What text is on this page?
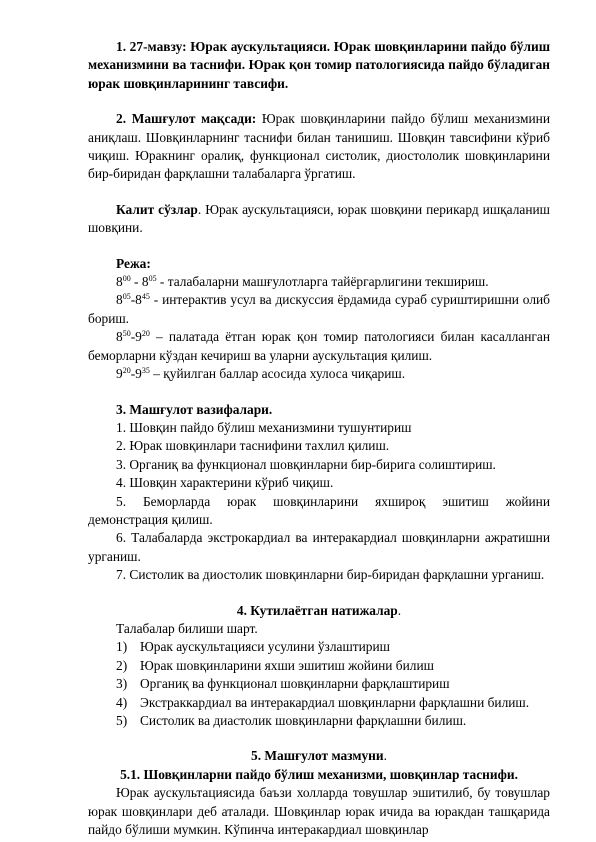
1. 27-мавзу: Юрак аускультацияси. Юрак шовқинларини пайдо бўлиш механизмини ва таснифи. Юрак қон томир патологиясида пайдо бўладиган юрак шовқинларининг тавсифи.

2. Машғулот мақсади: Юрак шовқинларини пайдо бўлиш механизмини аниқлаш. Шовқинларнинг таснифи билан танишиш. Шовқин тавсифини кўриб чиқиш. Юракнинг оралиқ, функционал систолик, диостололик шовқинларини бир-биридан фарқлашни талабаларга ўргатиш.

Калит сўзлар. Юрак аускультацияси, юрак шовқини перикард ишқаланиш шовқини.

Режа:

$8^{00} - 8^{05}$ - талабаларни машғулотларга тайёргарлигини текшириш.

$8^{05}-8^{45}$ - интерактив усул ва дискуссия ёрдамида сураб суриштиришни олиб бориш.

$8^{50}-9^{20}$ – палатада ётган юрак қон томир патологияси билан касалланган беморларни кўздан кечириш ва уларни аускультация қилиш.

$9^{20}-9^{35}$ – қуйилган баллар асосида хулоса чиқариш.

3. Машғулот вазифалари.

1. Шовқин пайдо бўлиш механизмини тушунтириш

2. Юрак шовқинлари таснифини тахлил қилиш.

3. Органиқ ва функционал шовқинларни бир-бирига солиштириш.

4. Шовқин характерини кўриб чиқиш.

5. Беморларда юрак шовқинларини яхшироқ эшитиш жойини демонстрация қилиш.

6. Талабаларда экстрокардиал ва интеракардиал шовқинларни ажратишни урганиш.

7. Систолик ва диостолик шовқинларни бир-биридан фарқлашни урганиш.

4. Кутилаётган натижалар.

Талабалар билиши шарт.

1) Юрак аускультацияси усулини ўзлаштириш
2) Юрак шовқинларини яхши эшитиш жойини билиш
3) Органиқ ва функционал шовқинларни фарқлаштириш
4) Экстраккардиал ва интеракардиал шовқинларни фарқлашни билиш.
5) Систолик ва диастолик шовқинларни фарқлашни билиш.

5. Машғулот мазмуни.

5.1. Шовқинларни пайдо бўлиш механизми, шовқинлар таснифи.

Юрак аускультациясида баъзи холларда товушлар эшитилиб, бу товушлар юрак шовқинлари деб аталади. Шовқинлар юрак ичида ва юракдан ташқарида пайдо бўлиши мумкин. Кўпинча интеракардиал шовқинлар
